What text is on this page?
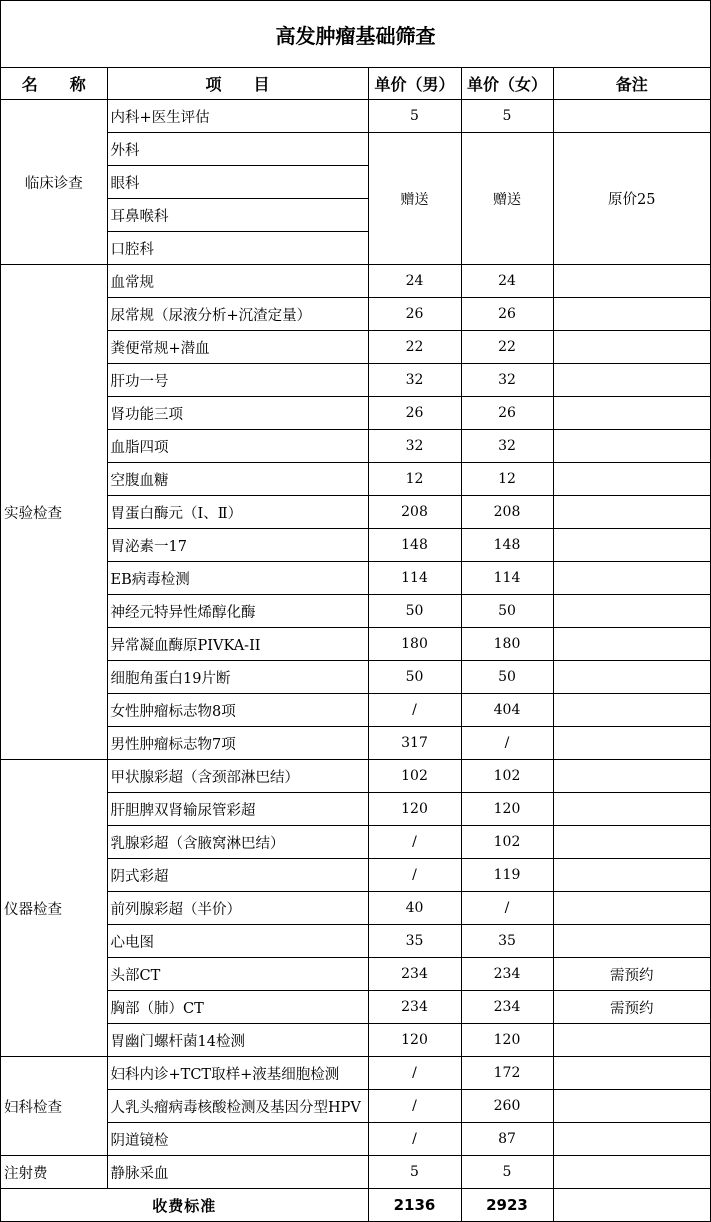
高发肿瘤基础筛查
名　　称	项　　目	单价（男）	单价（女）	备注
临床诊查	内科+医生评估	5	5	
	外科	赠送	赠送	原价25
	眼科			
	耳鼻喉科			
	口腔科			
实验检查	血常规	24	24	
	尿常规（尿液分析+沉渣定量）	26	26	
	粪便常规+潜血	22	22	
	肝功一号	32	32	
	肾功能三项	26	26	
	血脂四项	32	32	
	空腹血糖	12	12	
	胃蛋白酶元（Ⅰ、Ⅱ）	208	208	
	胃泌素一17	148	148	
	EB病毒检测	114	114	
	神经元特异性烯醇化酶	50	50	
	异常凝血酶原PIVKA-II	180	180	
	细胞角蛋白19片断	50	50	
	女性肿瘤标志物8项	/	404	
	男性肿瘤标志物7项	317	/	
仪器检查	甲状腺彩超（含颈部淋巴结）	102	102	
	肝胆脾双肾输尿管彩超	120	120	
	乳腺彩超（含腋窝淋巴结）	/	102	
	阴式彩超	/	119	
	前列腺彩超（半价）	40	/	
	心电图	35	35	
	头部CT	234	234	需预约
	胸部（肺）CT	234	234	需预约
	胃幽门螺杆菌14检测	120	120	
妇科检查	妇科内诊+TCT取样+液基细胞检测	/	172	
	人乳头瘤病毒核酸检测及基因分型HPV	/	260	
	阴道镜检	/	87	
注射费	静脉采血	5	5	
收费标准		2136	2923	
